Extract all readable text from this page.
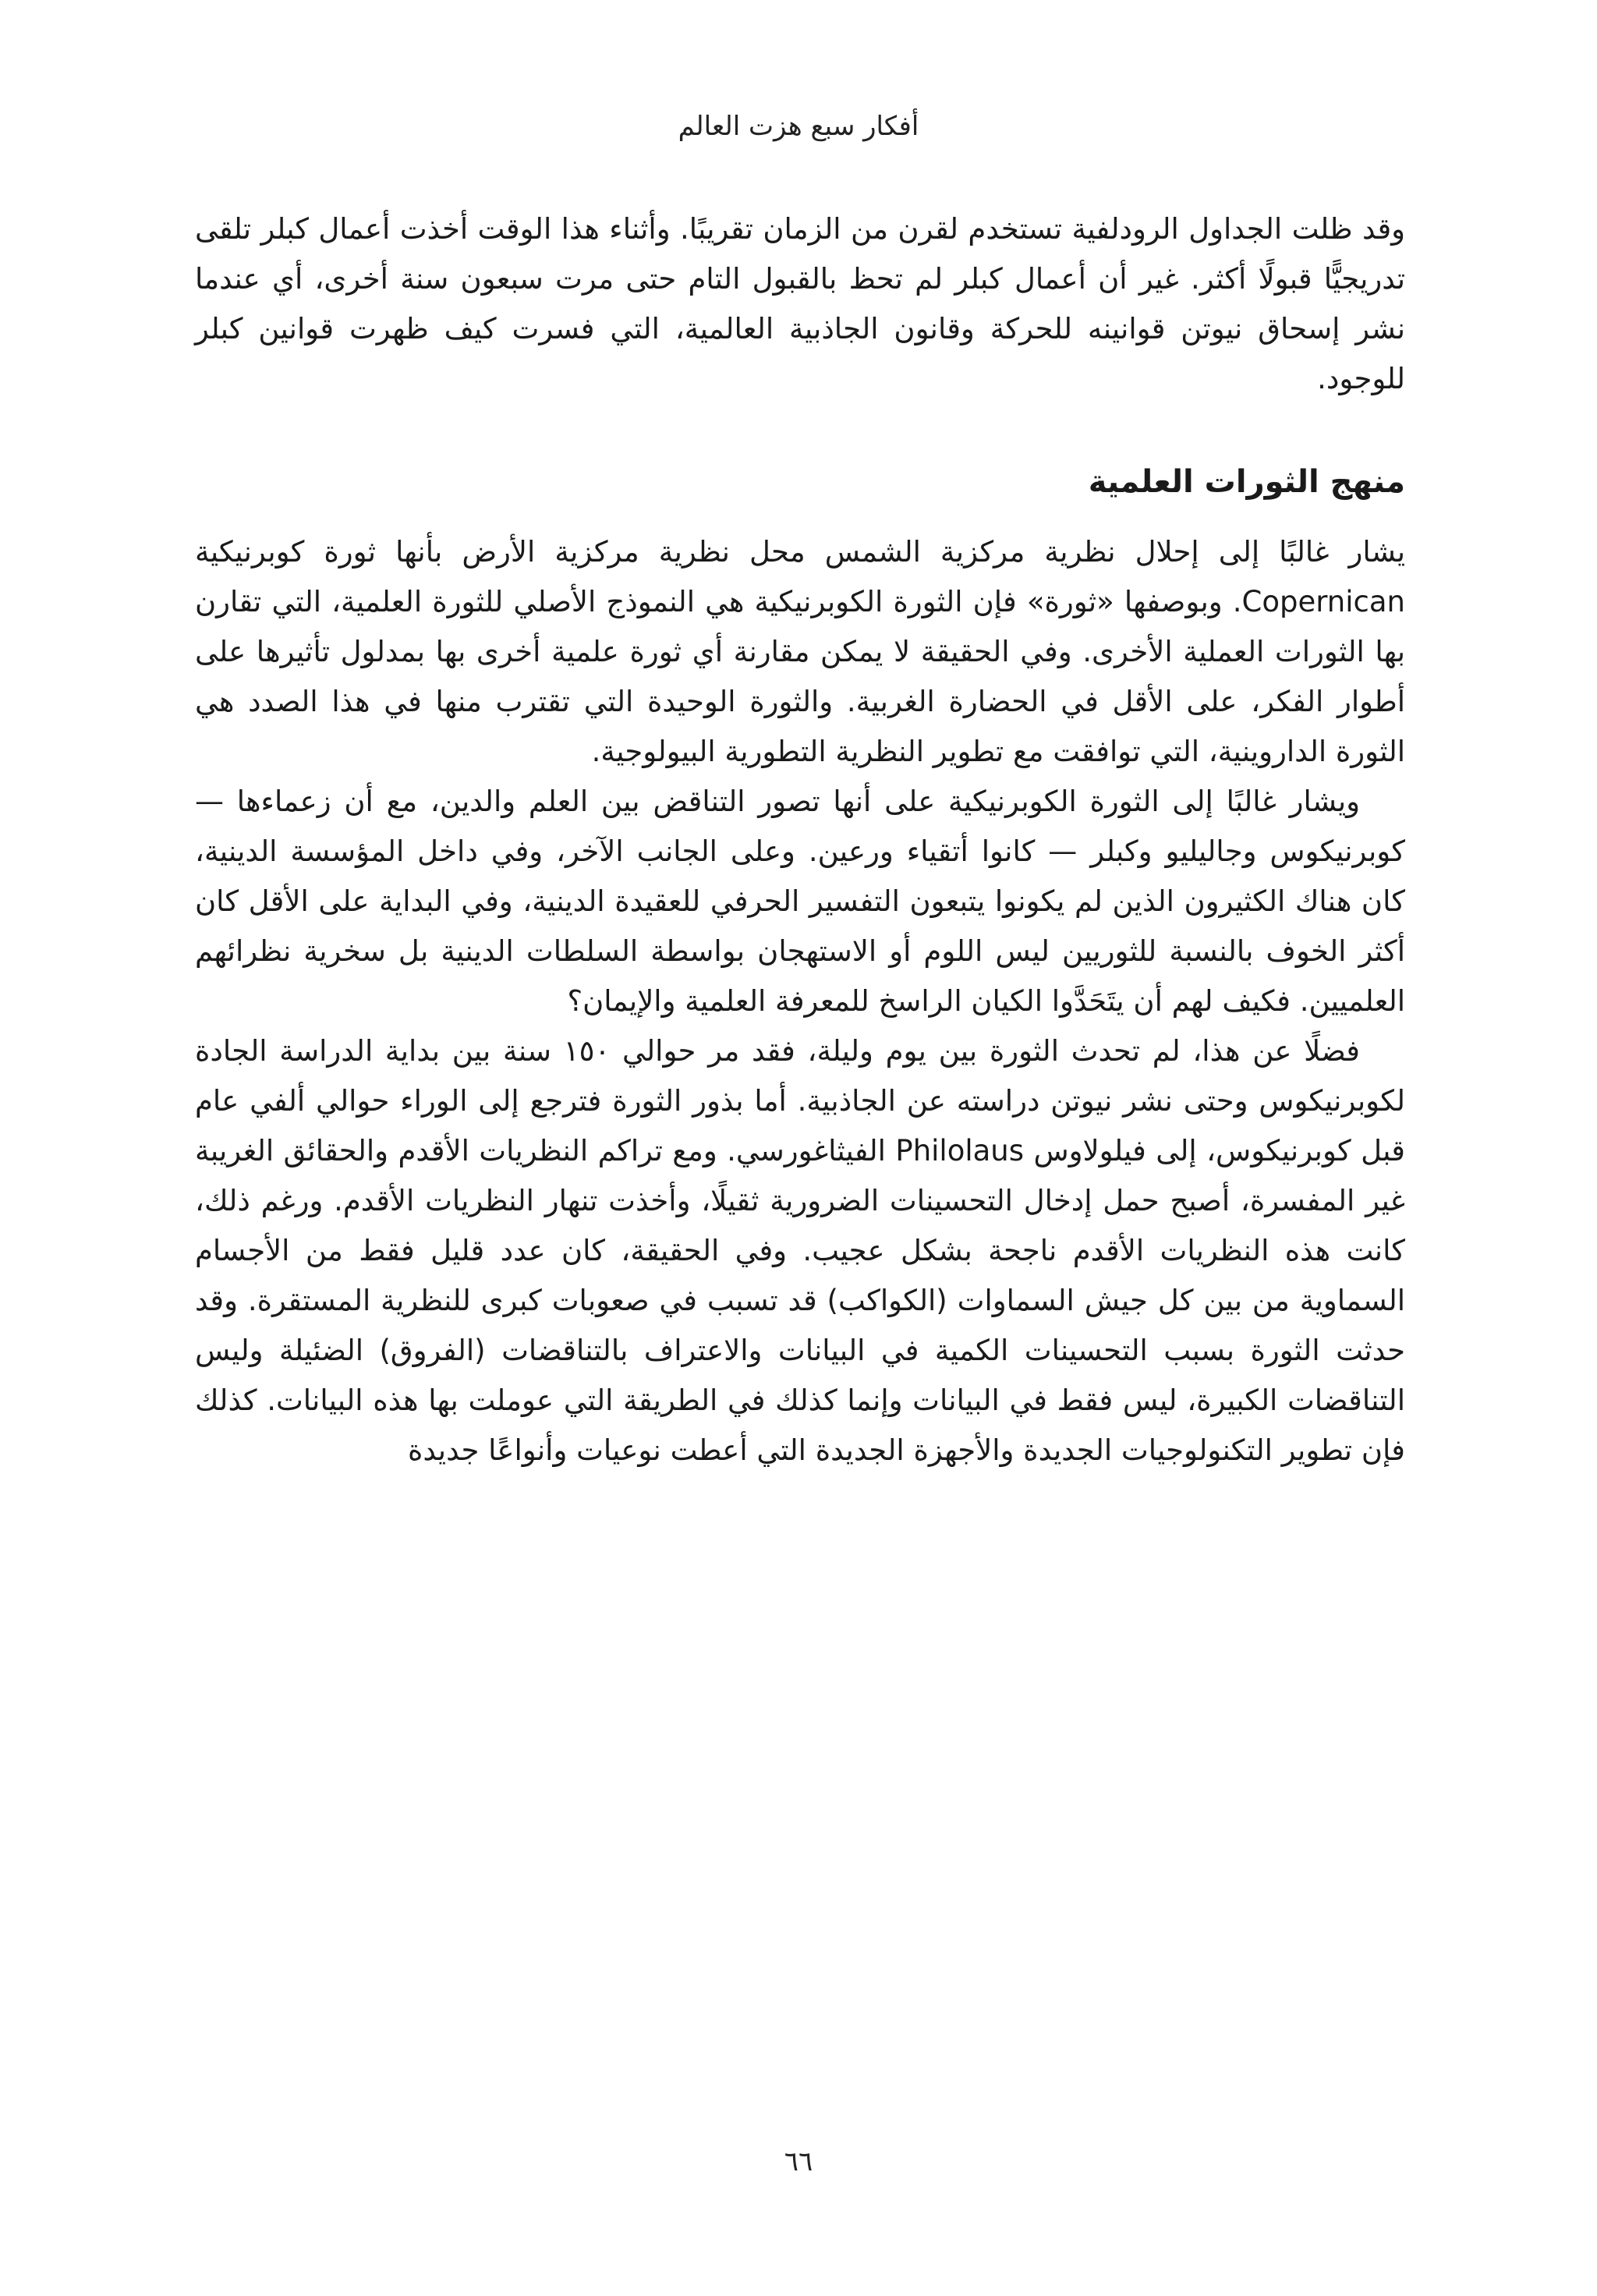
أفكار سبع هزت العالم

وقد ظلت الجداول الرودلفية تستخدم لقرن من الزمان تقريبًا. وأثناء هذا الوقت أخذت أعمال كبلر تلقى تدريجيًّا قبولًا أكثر. غير أن أعمال كبلر لم تحظ بالقبول التام حتى مرت سبعون سنة أخرى، أي عندما نشر إسحاق نيوتن قوانينه للحركة وقانون الجاذبية العالمية، التي فسرت كيف ظهرت قوانين كبلر للوجود.

منهج الثورات العلمية

يشار غالبًا إلى إحلال نظرية مركزية الشمس محل نظرية مركزية الأرض بأنها ثورة كوبرنيكية Copernican. وبوصفها «ثورة» فإن الثورة الكوبرنيكية هي النموذج الأصلي للثورة العلمية، التي تقارن بها الثورات العملية الأخرى. وفي الحقيقة لا يمكن مقارنة أي ثورة علمية أخرى بها بمدلول تأثيرها على أطوار الفكر، على الأقل في الحضارة الغربية. والثورة الوحيدة التي تقترب منها في هذا الصدد هي الثورة الداروينية، التي توافقت مع تطوير النظرية التطورية البيولوجية.

ويشار غالبًا إلى الثورة الكوبرنيكية على أنها تصور التناقض بين العلم والدين، مع أن زعماءها — كوبرنيكوس وجاليليو وكبلر — كانوا أتقياء ورعين. وعلى الجانب الآخر، وفي داخل المؤسسة الدينية، كان هناك الكثيرون الذين لم يكونوا يتبعون التفسير الحرفي للعقيدة الدينية، وفي البداية على الأقل كان أكثر الخوف بالنسبة للثوريين ليس اللوم أو الاستهجان بواسطة السلطات الدينية بل سخرية نظرائهم العلميين. فكيف لهم أن يتَحَدَّوا الكيان الراسخ للمعرفة العلمية والإيمان؟

فضلًا عن هذا، لم تحدث الثورة بين يوم وليلة، فقد مر حوالي ١٥٠ سنة بين بداية الدراسة الجادة لكوبرنيكوس وحتى نشر نيوتن دراسته عن الجاذبية. أما بذور الثورة فترجع إلى الوراء حوالي ألفي عام قبل كوبرنيكوس، إلى فيلولاوس Philolaus الفيثاغورسي. ومع تراكم النظريات الأقدم والحقائق الغريبة غير المفسرة، أصبح حمل إدخال التحسينات الضرورية ثقيلًا، وأخذت تنهار النظريات الأقدم. ورغم ذلك، كانت هذه النظريات الأقدم ناجحة بشكل عجيب. وفي الحقيقة، كان عدد قليل فقط من الأجسام السماوية من بين كل جيش السماوات (الكواكب) قد تسبب في صعوبات كبرى للنظرية المستقرة. وقد حدثت الثورة بسبب التحسينات الكمية في البيانات والاعتراف بالتناقضات (الفروق) الضئيلة وليس التناقضات الكبيرة، ليس فقط في البيانات وإنما كذلك في الطريقة التي عوملت بها هذه البيانات. كذلك فإن تطوير التكنولوجيات الجديدة والأجهزة الجديدة التي أعطت نوعيات وأنواعًا جديدة

٦٦
